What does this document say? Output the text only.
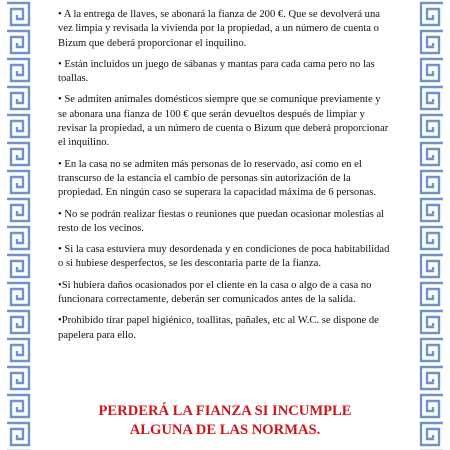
• A la entrega de llaves, se abonará la fianza de 200 €. Que se devolverá una vez limpia y revisada la vivienda por la propiedad, a un número de cuenta o Bizum que deberá proporcionar el inquilino.

• Están incluidos un juego de sábanas y mantas para cada cama pero no las toallas.

• Se admiten animales domésticos siempre que se comunique previamente y se abonara una fianza de 100 € que serán devueltos después de limpiar y revisar la propiedad, a un número de cuenta o Bizum que deberá proporcionar el inquilino.

• En la casa no se admiten más personas de lo reservado, así como en el transcurso de la estancia el cambio de personas sin autorización de la propiedad. En ningún caso se superara la capacidad máxima de 6 personas.

• No se podrán realizar fiestas o reuniones que puedan ocasionar molestias al resto de los vecinos.

• Si la casa estuviera muy desordenada y en condiciones de poca habitabilidad o si hubiese desperfectos, se les descontaria parte de la fianza.

•Si hubiera daños ocasionados por el cliente en la casa o algo de a casa no funcionara correctamente, deberán ser comunicados antes de la salida.

•Prohibido tirar papel higiénico, toallitas, pañales, etc al W.C. se dispone de papelera para ello.

PERDERÁ LA FIANZA SI INCUMPLE
ALGUNA DE LAS NORMAS.
